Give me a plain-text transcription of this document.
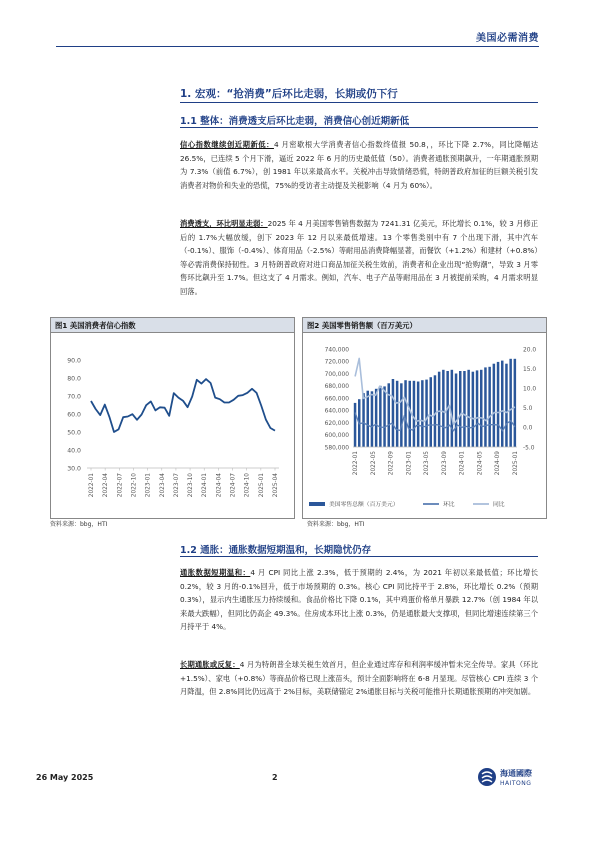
美国必需消费
1. 宏观：“抢消费”后环比走弱，长期或仍下行
1.1 整体：消费透支后环比走弱，消费信心创近期新低
信心指数继续创近期新低：4 月密歇根大学消费者信心指数终值报 50.8，，环比下降 2.7%，同比降幅达 26.5%，已连续 5 个月下滑，逼近 2022 年 6 月的历史最低值（50）。消费者通胀预期飙升，一年期通胀预期为 7.3%（前值 6.7%），创 1981 年以来最高水平。关税冲击导致情绪恐慌，特朗普政府加征的巨额关税引发消费者对物价和失业的恐慌，75%的受访者主动提及关税影响（4 月为 60%）。
消费透支，环比明显走弱：2025 年 4 月美国零售销售数据为 7241.31 亿美元，环比增长 0.1%，较 3 月修正后的 1.7%大幅放缓，创下 2023 年 12 月以来最低增速。13 个零售类别中有 7 个出现下滑，其中汽车（-0.1%）、服饰（-0.4%）、体育用品（-2.5%）等耐用品消费降幅显著，而餐饮（+1.2%）和建材（+0.8%）等必需消费保持韧性。3 月特朗普政府对进口商品加征关税生效前，消费者和企业出现“抢购潮”，导致 3 月零售环比飙升至 1.7%。但这支了 4 月需求。例如，汽车、电子产品等耐用品在 3 月被提前采购，4 月需求明显回落。
图1 美国消费者信心指数
90.0
80.0
70.0
60.0
50.0
40.0
30.0
2022-01 2022-04 2022-07 2022-10 2023-01 2023-04 2023-07 2023-10 2024-01 2024-04 2024-07 2024-10 2025-01 2025-04
资料来源：bbg，HTI
图2 美国零售销售额（百万美元）
740,000
720,000
700,000
680,000
660,000
640,000
620,000
600,000
580,000
20.0
15.0
10.0
5.0
0.0
-5.0
2022-01 2022-05 2022-09 2023-01 2023-05 2023-09 2024-01 2024-05 2024-09 2025-01
美国零售总额（百万美元）	环比	同比
资料来源：bbg，HTI
1.2 通胀：通胀数据短期温和，长期隐忧仍存
通胀数据短期温和：4 月 CPI 同比上涨 2.3%，低于预期的 2.4%，为 2021 年初以来最低值；环比增长 0.2%，较 3 月的-0.1%回升，低于市场预期的 0.3%。核心 CPI 同比持平于 2.8%，环比增长 0.2%（预期 0.3%），显示内生通胀压力持续缓和。食品价格比下降 0.1%，其中鸡蛋价格单月暴跌 12.7%（创 1984 年以来最大跌幅），但同比仍高企 49.3%。住房成本环比上涨 0.3%，仍是通胀最大支撑项，但同比增速连续第三个月持平于 4%。
长期通胀或反复：4 月为特朗普全球关税生效首月，但企业通过库存和利润率缓冲暂未完全传导。家具（环比+1.5%）、家电（+0.8%）等商品价格已现上涨苗头，预计全面影响将在 6-8 月显现。尽管核心 CPI 连续 3 个月降温，但 2.8%同比仍远高于 2%目标，美联储锚定 2%通胀目标与关税可能推升长期通胀预期的冲突加剧。
26 May 2025	2	海通國際
HAITONG
